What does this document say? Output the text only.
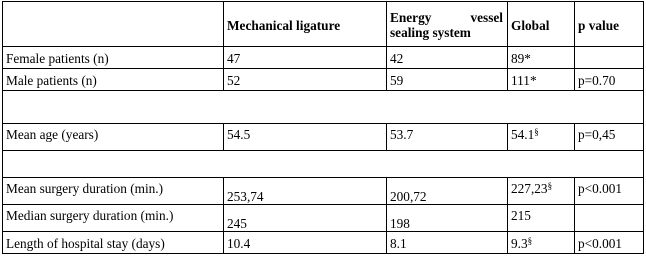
	Mechanical ligature	Energy vessel
sealing system	Global	p value
Female patients (n)	47	42	89*	
Male patients (n)	52	59	111*	p=0.70

Mean age (years)	54.5	53.7	54.1§	p=0,45

Mean surgery duration (min.)	253,74	200,72	227,23§	p<0.001
Median surgery duration (min.)	245	198	215	
Length of hospital stay (days)	10.4	8.1	9.3§	p<0.001
